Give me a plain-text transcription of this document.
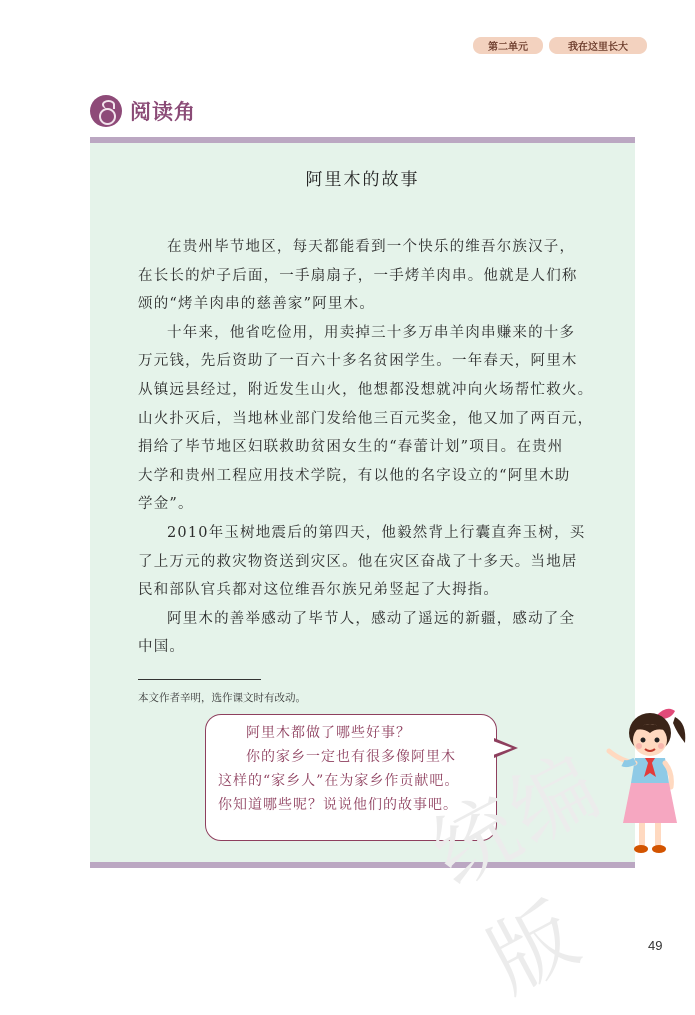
第二单元	我在这里长大
阅读角
阿里木的故事
在贵州毕节地区，每天都能看到一个快乐的维吾尔族汉子，
在长长的炉子后面，一手扇扇子，一手烤羊肉串。他就是人们称
颂的“烤羊肉串的慈善家”阿里木。
十年来，他省吃俭用，用卖掉三十多万串羊肉串赚来的十多
万元钱，先后资助了一百六十多名贫困学生。一年春天，阿里木
从镇远县经过，附近发生山火，他想都没想就冲向火场帮忙救火。
山火扑灭后，当地林业部门发给他三百元奖金，他又加了两百元，
捐给了毕节地区妇联救助贫困女生的“春蕾计划”项目。在贵州
大学和贵州工程应用技术学院，有以他的名字设立的“阿里木助
学金”。
2010年玉树地震后的第四天，他毅然背上行囊直奔玉树，买
了上万元的救灾物资送到灾区。他在灾区奋战了十多天。当地居
民和部队官兵都对这位维吾尔族兄弟竖起了大拇指。
阿里木的善举感动了毕节人，感动了遥远的新疆，感动了全
中国。
本文作者辛明，选作课文时有改动。

阿里木都做了哪些好事？

你的家乡一定也有很多像阿里木

这样的“家乡人”在为家乡作贡献吧。

你知道哪些呢？说说他们的故事吧。

统编版	49
